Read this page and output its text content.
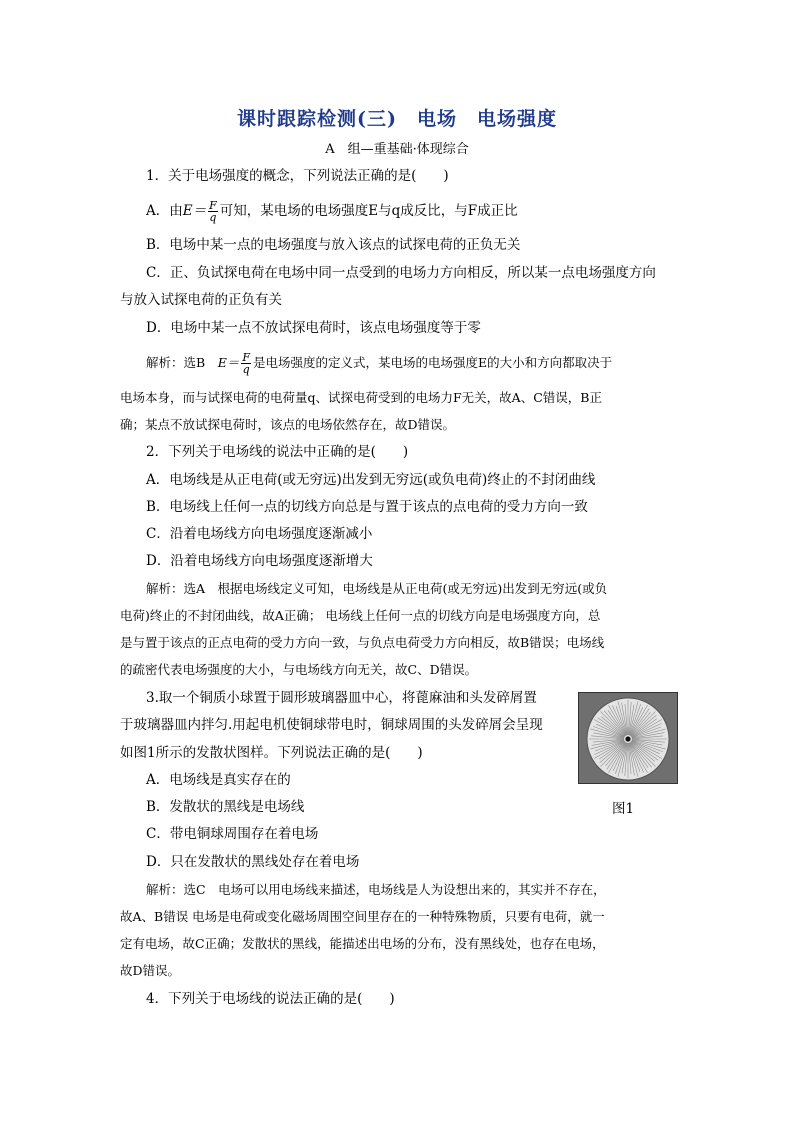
课时跟踪检测(三)　电场　电场强度
A　组—重基础·体现综合
1．关于电场强度的概念，下列说法正确的是(　　)
A．由$E= \frac{F}{q}$ 可知，某电场的电场强度E与q成反比，与F成正比
B．电场中某一点的电场强度与放入该点的试探电荷的正负无关
C．正、负试探电荷在电场中同一点受到的电场力方向相反，所以某一点电场强度方向
与放入试探电荷的正负有关
D．电场中某一点不放试探电荷时，该点电场强度等于零
解析：选B　$E= \frac{F}{q}$ 是电场强度的定义式，某电场的电场强度E的大小和方向都取决于
电场本身，而与试探电荷的电荷量q、试探电荷受到的电场力F无关，故A、C错误，B正
确；某点不放试探电荷时，该点的电场依然存在，故D错误。
2．下列关于电场线的说法中正确的是(　　)
A．电场线是从正电荷(或无穷远)出发到无穷远(或负电荷)终止的不封闭曲线
B．电场线上任何一点的切线方向总是与置于该点的点电荷的受力方向一致
C．沿着电场线方向电场强度逐渐减小
D．沿着电场线方向电场强度逐渐增大
解析：选A　根据电场线定义可知，电场线是从正电荷(或无穷远)出发到无穷远(或负
电荷)终止的不封闭曲线，故A正确； 电场线上任何一点的切线方向是电场强度方向，总
是与置于该点的正点电荷的受力方向一致，与负点电荷受力方向相反，故B错误；电场线
的疏密代表电场强度的大小，与电场线方向无关，故C、D错误。
3.取一个铜质小球置于圆形玻璃器皿中心，将蓖麻油和头发碎屑置
于玻璃器皿内拌匀.用起电机使铜球带电时，铜球周围的头发碎屑会呈现
如图1所示的发散状图样。下列说法正确的是(　　)
A．电场线是真实存在的
B．发散状的黑线是电场线
C．带电铜球周围存在着电场
D．只在发散状的黑线处存在着电场
图1
解析：选C　电场可以用电场线来描述，电场线是人为设想出来的，其实并不存在，
故A、B错误 电场是电荷或变化磁场周围空间里存在的一种特殊物质，只要有电荷，就一
定有电场，故C正确；发散状的黑线，能描述出电场的分布，没有黑线处，也存在电场，
故D错误。
4．下列关于电场线的说法正确的是(　　)
